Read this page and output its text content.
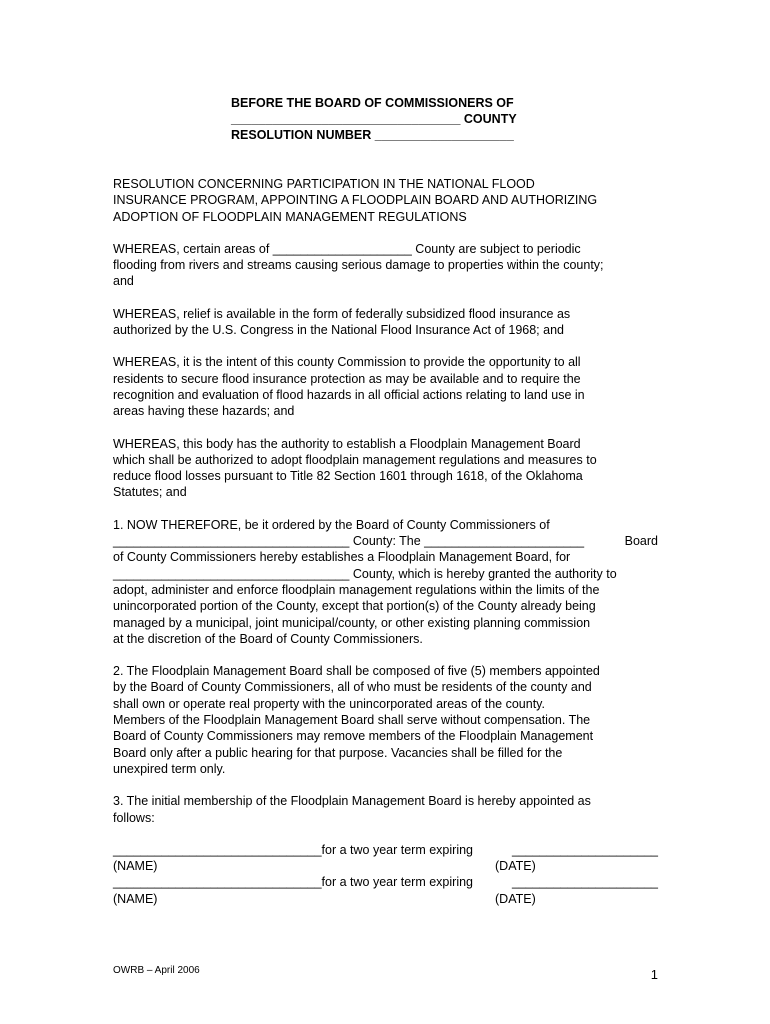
BEFORE THE BOARD OF COMMISSIONERS OF
_________________________________ COUNTY
RESOLUTION NUMBER ____________________

RESOLUTION CONCERNING PARTICIPATION IN THE NATIONAL FLOOD

INSURANCE PROGRAM, APPOINTING A FLOODPLAIN BOARD AND AUTHORIZING

ADOPTION OF FLOODPLAIN MANAGEMENT REGULATIONS

WHEREAS, certain areas of ____________________ County are subject to periodic
flooding from rivers and streams causing serious damage to properties within the county;
and

WHEREAS, relief is available in the form of federally subsidized flood insurance as
authorized by the U.S. Congress in the National Flood Insurance Act of 1968; and

WHEREAS, it is the intent of this county Commission to provide the opportunity to all
residents to secure flood insurance protection as may be available and to require the
recognition and evaluation of flood hazards in all official actions relating to land use in
areas having these hazards; and

WHEREAS, this body has the authority to establish a Floodplain Management Board
which shall be authorized to adopt floodplain management regulations and measures to
reduce flood losses pursuant to Title 82 Section 1601 through 1618, of the Oklahoma
Statutes; and

1. NOW THEREFORE, be it ordered by the Board of County Commissioners of

__________________________________ County: The _______________________	Board
of County Commissioners hereby establishes a Floodplain Management Board, for
__________________________________ County, which is hereby granted the authority to
adopt, administer and enforce floodplain management regulations within the limits of the
unincorporated portion of the County, except that portion(s) of the County already being
managed by a municipal, joint municipal/county, or other existing planning commission
at the discretion of the Board of County Commissioners.

2. The Floodplain Management Board shall be composed of five (5) members appointed
by the Board of County Commissioners, all of who must be residents of the county and
shall own or operate real property with the unincorporated areas of the county.
Members of the Floodplain Management Board shall serve without compensation. The
Board of County Commissioners may remove members of the Floodplain Management
Board only after a public hearing for that purpose. Vacancies shall be filled for the
unexpired term only.

3. The initial membership of the Floodplain Management Board is hereby appointed as
follows:

______________________________for a two year term expiring	_____________________
(NAME)	(DATE)
______________________________for a two year term expiring	_____________________
(NAME)	(DATE)
OWRB – April 2006	1
